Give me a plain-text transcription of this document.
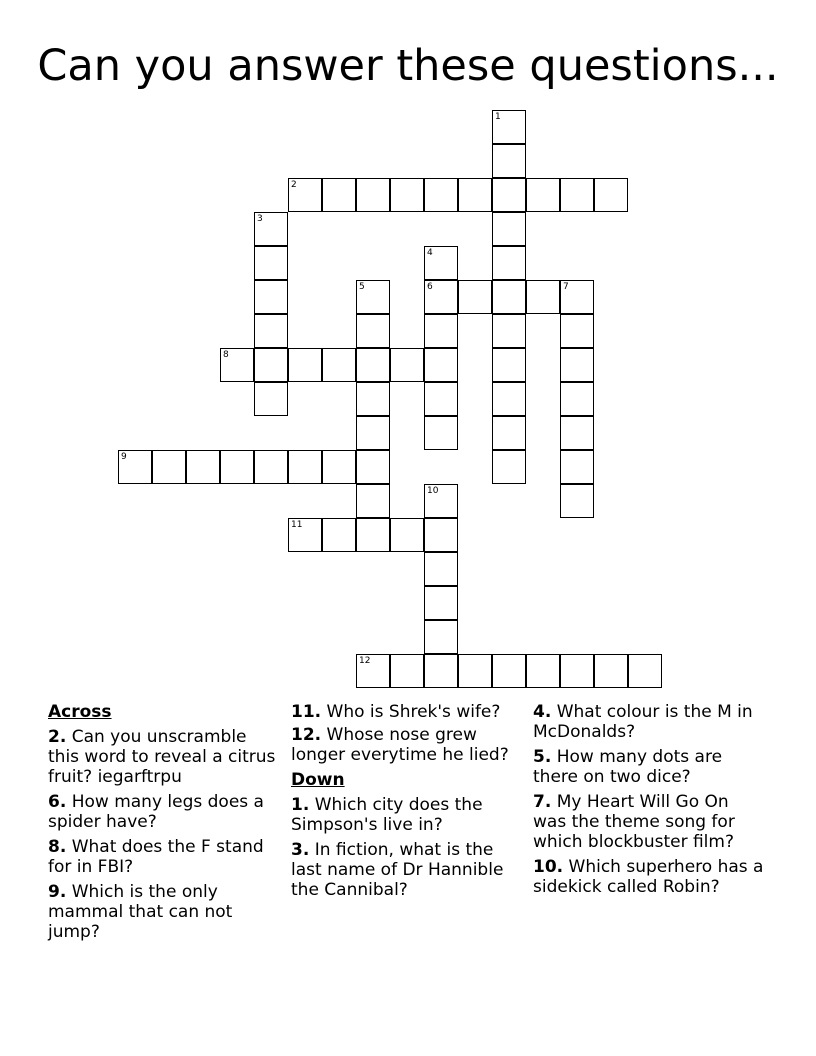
Can you answer these questions...
1
2
3
4
6
5	7
8
9
10
11
12
Across
2. Can you unscramble this word to reveal a citrus fruit? iegarftrpu
6. How many legs does a spider have?
8. What does the F stand for in FBI?
9. Which is the only mammal that can not jump?
11. Who is Shrek's wife?
12. Whose nose grew longer everytime he lied?
Down
1. Which city does the Simpson's live in?
3. In fiction, what is the last name of Dr Hannible the Cannibal?
4. What colour is the M in McDonalds?
5. How many dots are there on two dice?
7. My Heart Will Go On was the theme song for which blockbuster film?
10. Which superhero has a sidekick called Robin?
